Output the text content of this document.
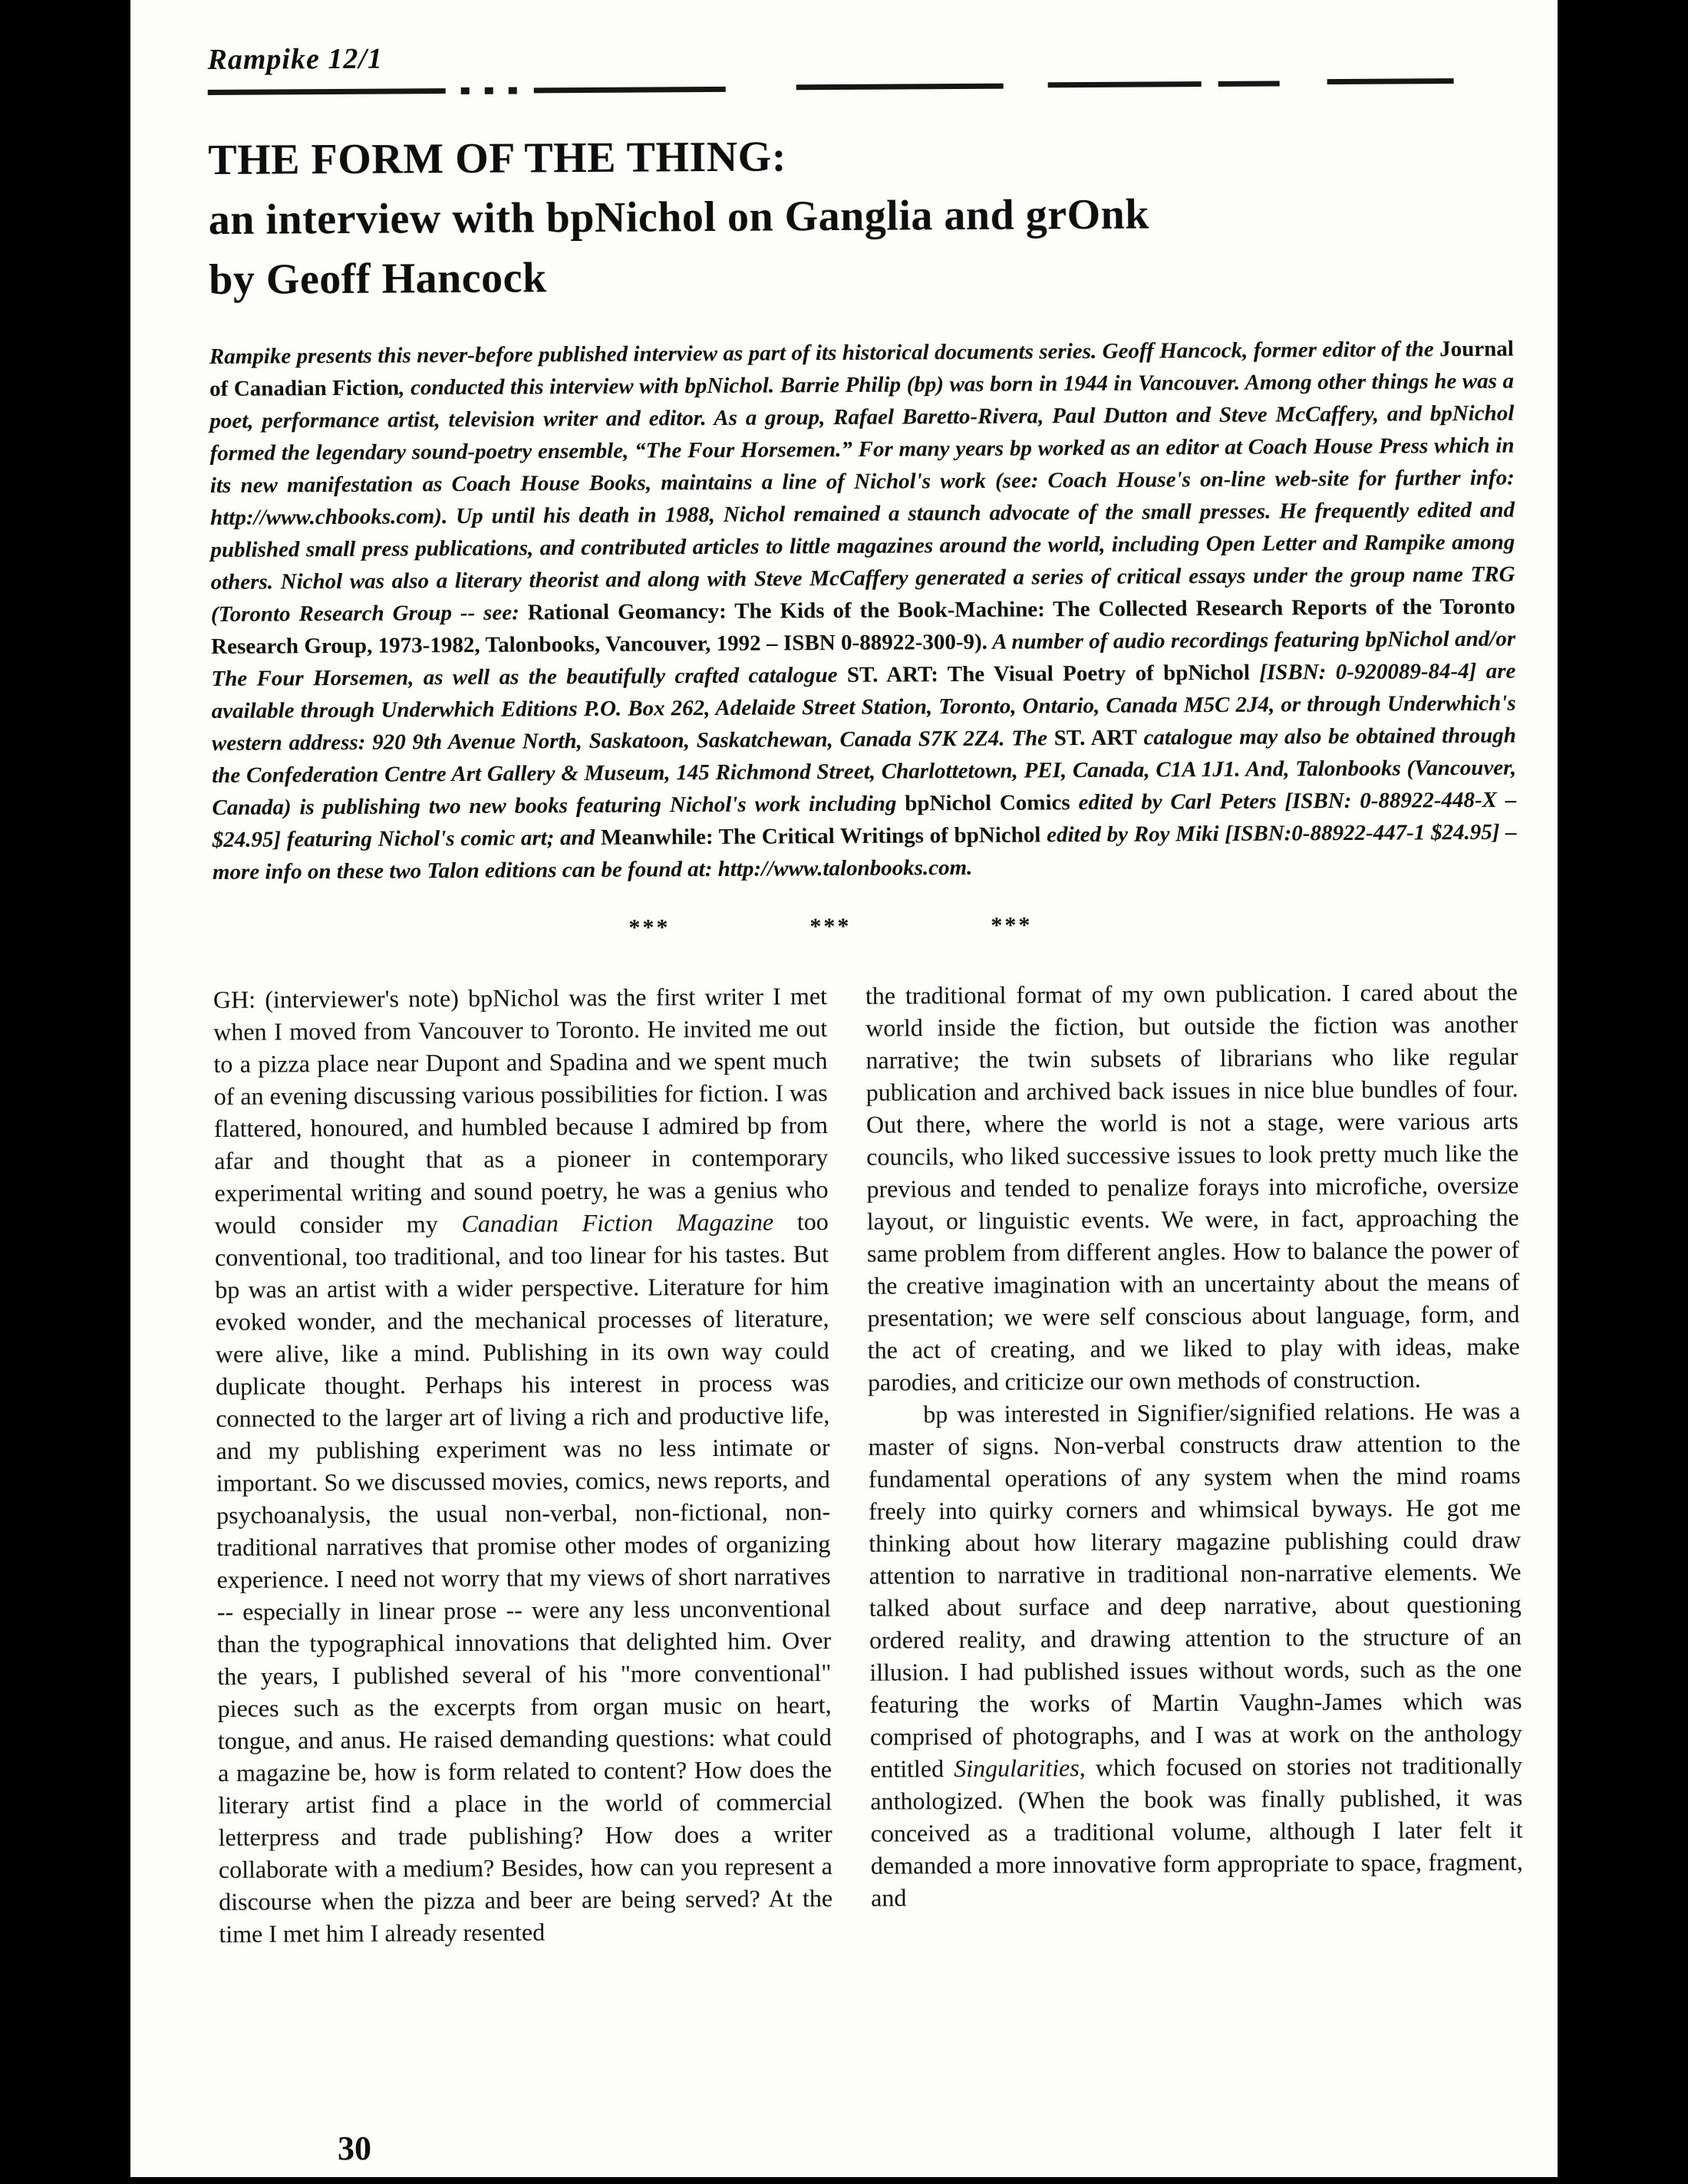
Rampike 12/1
THE FORM OF THE THING:
an interview with bpNichol on Ganglia and grOnk
by Geoff Hancock
Rampike presents this never-before published interview as part of its historical documents series. Geoff Hancock, former editor of the Journal of Canadian Fiction, conducted this interview with bpNichol. Barrie Philip (bp) was born in 1944 in Vancouver. Among other things he was a poet, performance artist, television writer and editor. As a group, Rafael Baretto-Rivera, Paul Dutton and Steve McCaffery, and bpNichol formed the legendary sound-poetry ensemble, “The Four Horsemen.” For many years bp worked as an editor at Coach House Press which in its new manifestation as Coach House Books, maintains a line of Nichol's work (see: Coach House's on-line web-site for further info: http://www.chbooks.com). Up until his death in 1988, Nichol remained a staunch advocate of the small presses. He frequently edited and published small press publications, and contributed articles to little magazines around the world, including Open Letter and Rampike among others. Nichol was also a literary theorist and along with Steve McCaffery generated a series of critical essays under the group name TRG (Toronto Research Group -- see: Rational Geomancy: The Kids of the Book-Machine: The Collected Research Reports of the Toronto Research Group, 1973-1982, Talonbooks, Vancouver, 1992 – ISBN 0-88922-300-9). A number of audio recordings featuring bpNichol and/or The Four Horsemen, as well as the beautifully crafted catalogue ST. ART: The Visual Poetry of bpNichol [ISBN: 0-920089-84-4] are available through Underwhich Editions P.O. Box 262, Adelaide Street Station, Toronto, Ontario, Canada M5C 2J4, or through Underwhich's western address: 920 9th Avenue North, Saskatoon, Saskatchewan, Canada S7K 2Z4. The ST. ART catalogue may also be obtained through the Confederation Centre Art Gallery & Museum, 145 Richmond Street, Charlottetown, PEI, Canada, C1A 1J1. And, Talonbooks (Vancouver, Canada) is publishing two new books featuring Nichol's work including bpNichol Comics edited by Carl Peters [ISBN: 0-88922-448-X – $24.95] featuring Nichol's comic art; and Meanwhile: The Critical Writings of bpNichol edited by Roy Miki [ISBN:0-88922-447-1 $24.95] – more info on these two Talon editions can be found at: http://www.talonbooks.com.
***	***	***

GH: (interviewer's note) bpNichol was the first writer I met when I moved from Vancouver to Toronto. He invited me out to a pizza place near Dupont and Spadina and we spent much of an evening discussing various possibilities for fiction. I was flattered, honoured, and humbled because I admired bp from afar and thought that as a pioneer in contemporary experimental writing and sound poetry, he was a genius who would consider my Canadian Fiction Magazine too conventional, too traditional, and too linear for his tastes. But bp was an artist with a wider perspective. Literature for him evoked wonder, and the mechanical processes of literature, were alive, like a mind. Publishing in its own way could duplicate thought. Perhaps his interest in process was connected to the larger art of living a rich and productive life, and my publishing experiment was no less intimate or important. So we discussed movies, comics, news reports, and psychoanalysis, the usual non-verbal, non-fictional, non-traditional narratives that promise other modes of organizing experience. I need not worry that my views of short narratives -- especially in linear prose -- were any less unconventional than the typographical innovations that delighted him. Over the years, I published several of his "more conventional" pieces such as the excerpts from organ music on heart, tongue, and anus. He raised demanding questions: what could a magazine be, how is form related to content? How does the literary artist find a place in the world of commercial letterpress and trade publishing? How does a writer collaborate with a medium? Besides, how can you represent a discourse when the pizza and beer are being served? At the time I met him I already resented

the traditional format of my own publication. I cared about the world inside the fiction, but outside the fiction was another narrative; the twin subsets of librarians who like regular publication and archived back issues in nice blue bundles of four. Out there, where the world is not a stage, were various arts councils, who liked successive issues to look pretty much like the previous and tended to penalize forays into microfiche, oversize layout, or linguistic events. We were, in fact, approaching the same problem from different angles. How to balance the power of the creative imagination with an uncertainty about the means of presentation; we were self conscious about language, form, and the act of creating, and we liked to play with ideas, make parodies, and criticize our own methods of construction.

bp was interested in Signifier/signified relations. He was a master of signs. Non-verbal constructs draw attention to the fundamental operations of any system when the mind roams freely into quirky corners and whimsical byways. He got me thinking about how literary magazine publishing could draw attention to narrative in traditional non-narrative elements. We talked about surface and deep narrative, about questioning ordered reality, and drawing attention to the structure of an illusion. I had published issues without words, such as the one featuring the works of Martin Vaughn-James which was comprised of photographs, and I was at work on the anthology entitled Singularities, which focused on stories not traditionally anthologized. (When the book was finally published, it was conceived as a traditional volume, although I later felt it demanded a more innovative form appropriate to space, fragment, and

30
